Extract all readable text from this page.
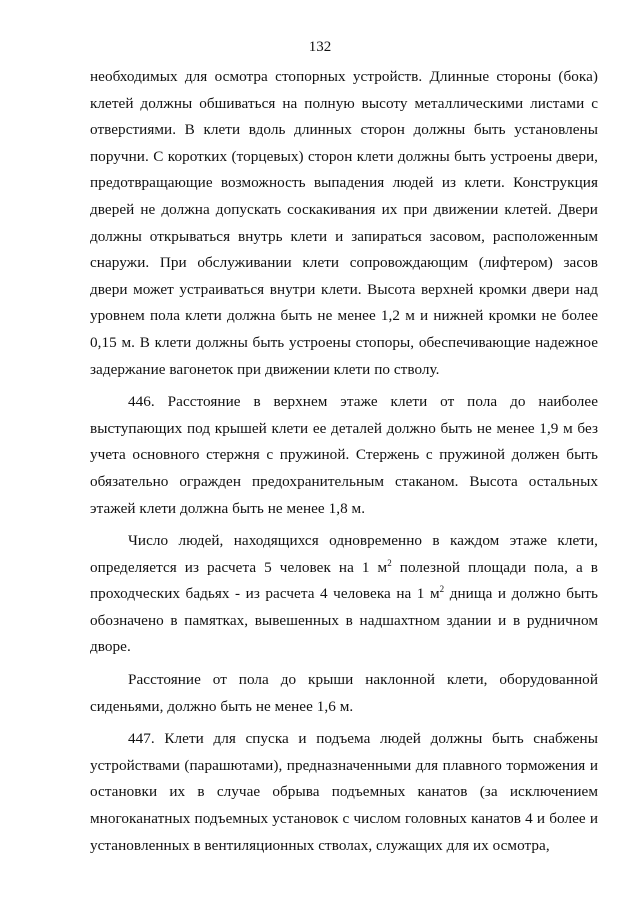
132

необходимых для осмотра стопорных устройств. Длинные стороны (бока) клетей должны обшиваться на полную высоту металлическими листами с отверстиями. В клети вдоль длинных сторон должны быть установлены поручни. С коротких (торцевых) сторон клети должны быть устроены двери, предотвращающие возможность выпадения людей из клети. Конструкция дверей не должна допускать соскакивания их при движении клетей. Двери должны открываться внутрь клети и запираться засовом, расположенным снаружи. При обслуживании клети сопровождающим (лифтером) засов двери может устраиваться внутри клети. Высота верхней кромки двери над уровнем пола клети должна быть не менее 1,2 м и нижней кромки не более 0,15 м. В клети должны быть устроены стопоры, обеспечивающие надежное задержание вагонеток при движении клети по стволу.

446. Расстояние в верхнем этаже клети от пола до наиболее выступающих под крышей клети ее деталей должно быть не менее 1,9 м без учета основного стержня с пружиной. Стержень с пружиной должен быть обязательно огражден предохранительным стаканом. Высота остальных этажей клети должна быть не менее 1,8 м.

Число людей, находящихся одновременно в каждом этаже клети, определяется из расчета 5 человек на 1 $м^2$ полезной площади пола, а в проходческих бадьях - из расчета 4 человека на 1 $м^2$ днища и должно быть обозначено в памятках, вывешенных в надшахтном здании и в рудничном дворе.

Расстояние от пола до крыши наклонной клети, оборудованной сиденьями, должно быть не менее 1,6 м.

447. Клети для спуска и подъема людей должны быть снабжены устройствами (парашютами), предназначенными для плавного торможения и остановки их в случае обрыва подъемных канатов (за исключением многоканатных подъемных установок с числом головных канатов 4 и более и установленных в вентиляционных стволах, служащих для их осмотра,
